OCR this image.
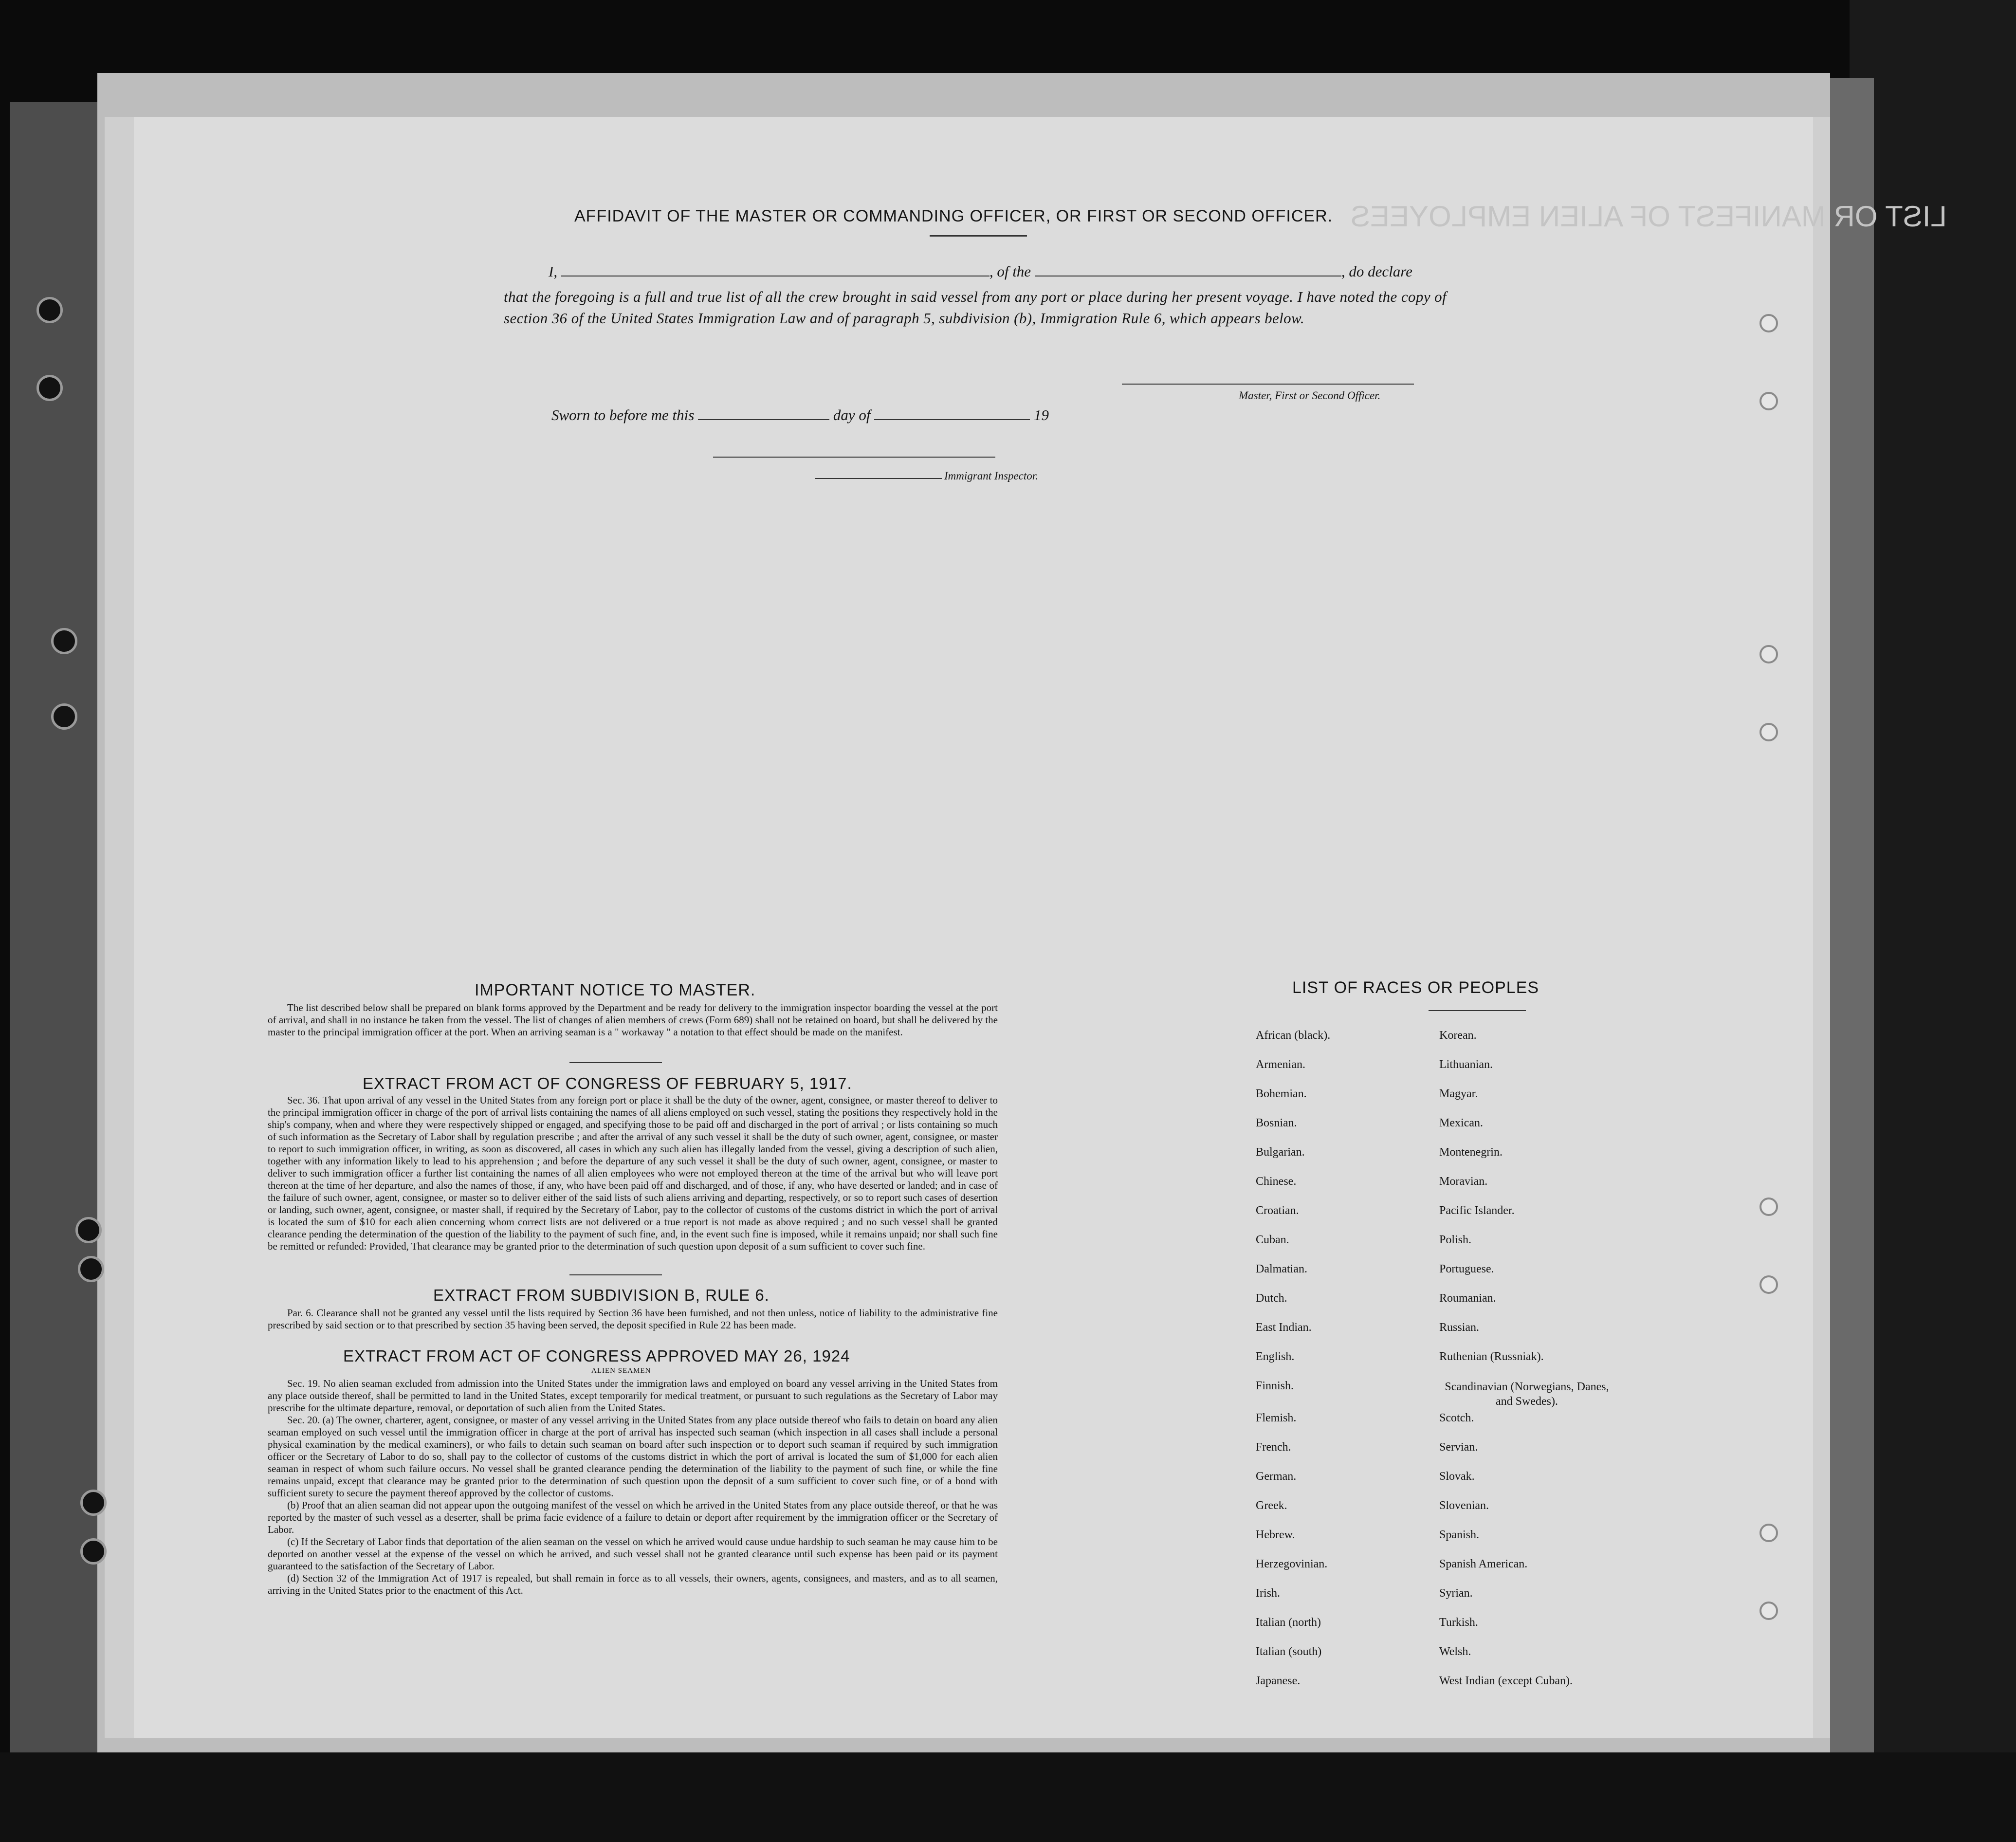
LIST OR MANIFEST OF ALIEN EMPLOYEES
AFFIDAVIT OF THE MASTER OR COMMANDING OFFICER, OR FIRST OR SECOND OFFICER.
I,	, of the	, do declare
that the foregoing is a full and true list of all the crew brought in said vessel from any port or place during her present voyage. I have noted the copy of section 36 of the United States Immigration Law and of paragraph 5, subdivision (b), Immigration Rule 6, which appears below.
Master, First or Second Officer.
Sworn to before me this	day of	19
Immigrant Inspector.
IMPORTANT NOTICE TO MASTER.

The list described below shall be prepared on blank forms approved by the Department and be ready for delivery to the immigration inspector boarding the vessel at the port of arrival, and shall in no instance be taken from the vessel. The list of changes of alien members of crews (Form 689) shall not be retained on board, but shall be delivered by the master to the principal immigration officer at the port. When an arriving seaman is a " workaway " a notation to that effect should be made on the manifest.

EXTRACT FROM ACT OF CONGRESS OF FEBRUARY 5, 1917.

Sec. 36. That upon arrival of any vessel in the United States from any foreign port or place it shall be the duty of the owner, agent, consignee, or master thereof to deliver to the principal immigration officer in charge of the port of arrival lists containing the names of all aliens employed on such vessel, stating the positions they respectively hold in the ship's company, when and where they were respectively shipped or engaged, and specifying those to be paid off and discharged in the port of arrival ; or lists containing so much of such information as the Secretary of Labor shall by regulation prescribe ; and after the arrival of any such vessel it shall be the duty of such owner, agent, consignee, or master to report to such immigration officer, in writing, as soon as discovered, all cases in which any such alien has illegally landed from the vessel, giving a description of such alien, together with any information likely to lead to his apprehension ; and before the departure of any such vessel it shall be the duty of such owner, agent, consignee, or master to deliver to such immigration officer a further list containing the names of all alien employees who were not employed thereon at the time of the arrival but who will leave port thereon at the time of her departure, and also the names of those, if any, who have been paid off and discharged, and of those, if any, who have deserted or landed; and in case of the failure of such owner, agent, consignee, or master so to deliver either of the said lists of such aliens arriving and departing, respectively, or so to report such cases of desertion or landing, such owner, agent, consignee, or master shall, if required by the Secretary of Labor, pay to the collector of customs of the customs district in which the port of arrival is located the sum of $10 for each alien concerning whom correct lists are not delivered or a true report is not made as above required ; and no such vessel shall be granted clearance pending the determination of the question of the liability to the payment of such fine, and, in the event such fine is imposed, while it remains unpaid; nor shall such fine be remitted or refunded: Provided, That clearance may be granted prior to the determination of such question upon deposit of a sum sufficient to cover such fine.

EXTRACT FROM SUBDIVISION B, RULE 6.

Par. 6. Clearance shall not be granted any vessel until the lists required by Section 36 have been furnished, and not then unless, notice of liability to the administrative fine prescribed by said section or to that prescribed by section 35 having been served, the deposit specified in Rule 22 has been made.

EXTRACT FROM ACT OF CONGRESS APPROVED MAY 26, 1924
ALIEN SEAMEN

Sec. 19. No alien seaman excluded from admission into the United States under the immigration laws and employed on board any vessel arriving in the United States from any place outside thereof, shall be permitted to land in the United States, except temporarily for medical treatment, or pursuant to such regulations as the Secretary of Labor may prescribe for the ultimate departure, removal, or deportation of such alien from the United States.

Sec. 20. (a) The owner, charterer, agent, consignee, or master of any vessel arriving in the United States from any place outside thereof who fails to detain on board any alien seaman employed on such vessel until the immigration officer in charge at the port of arrival has inspected such seaman (which inspection in all cases shall include a personal physical examination by the medical examiners), or who fails to detain such seaman on board after such inspection or to deport such seaman if required by such immigration officer or the Secretary of Labor to do so, shall pay to the collector of customs of the customs district in which the port of arrival is located the sum of $1,000 for each alien seaman in respect of whom such failure occurs. No vessel shall be granted clearance pending the determination of the liability to the payment of such fine, or while the fine remains unpaid, except that clearance may be granted prior to the determination of such question upon the deposit of a sum sufficient to cover such fine, or of a bond with sufficient surety to secure the payment thereof approved by the collector of customs.

(b) Proof that an alien seaman did not appear upon the outgoing manifest of the vessel on which he arrived in the United States from any place outside thereof, or that he was reported by the master of such vessel as a deserter, shall be prima facie evidence of a failure to detain or deport after requirement by the immigration officer or the Secretary of Labor.

(c) If the Secretary of Labor finds that deportation of the alien seaman on the vessel on which he arrived would cause undue hardship to such seaman he may cause him to be deported on another vessel at the expense of the vessel on which he arrived, and such vessel shall not be granted clearance until such expense has been paid or its payment guaranteed to the satisfaction of the Secretary of Labor.

(d) Section 32 of the Immigration Act of 1917 is repealed, but shall remain in force as to all vessels, their owners, agents, consignees, and masters, and as to all seamen, arriving in the United States prior to the enactment of this Act.

LIST OF RACES OR PEOPLES
African (black).
Armenian.
Bohemian.
Bosnian.
Bulgarian.
Chinese.
Croatian.
Cuban.
Dalmatian.
Dutch.
East Indian.
English.
Finnish.
Flemish.
French.
German.
Greek.
Hebrew.
Herzegovinian.
Irish.
Italian (north)
Italian (south)
Japanese.
Korean.
Lithuanian.
Magyar.
Mexican.
Montenegrin.
Moravian.
Pacific Islander.
Polish.
Portuguese.
Roumanian.
Russian.
Ruthenian (Russniak).
Scandinavian (Norwegians, Danes, and Swedes).
Scotch.
Servian.
Slovak.
Slovenian.
Spanish.
Spanish American.
Syrian.
Turkish.
Welsh.
West Indian (except Cuban).
